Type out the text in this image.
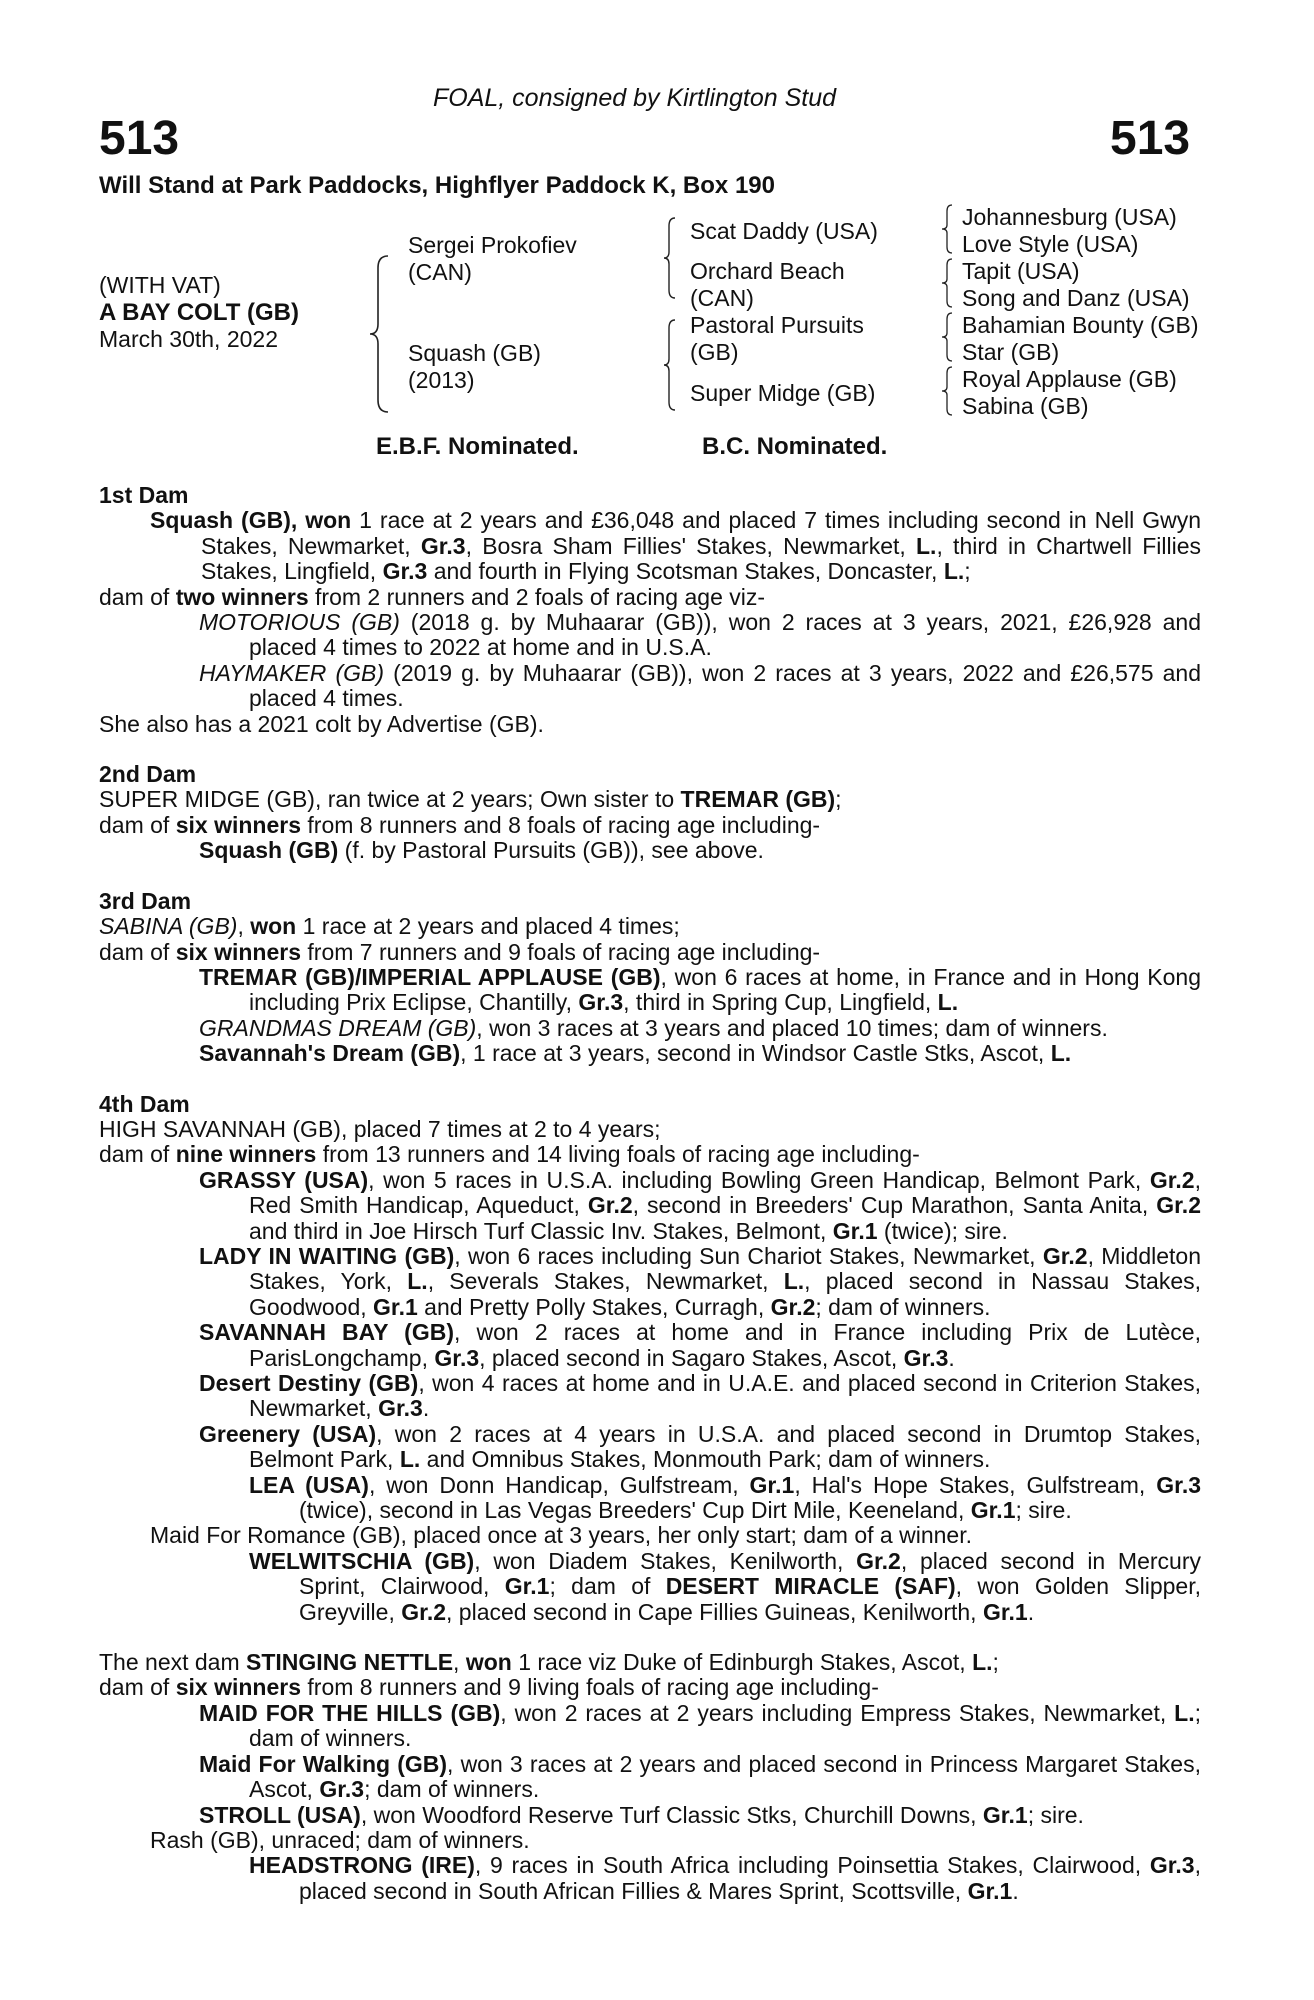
FOAL, consigned by Kirtlington Stud
513	513
Will Stand at Park Paddocks, Highflyer Paddock K, Box 190
(WITH VAT)
A BAY COLT (GB)
March 30th, 2022
Sergei Prokofiev
(CAN)
Squash (GB)
(2013)
Scat Daddy (USA)
Orchard Beach
(CAN)
Pastoral Pursuits
(GB)
Super Midge (GB)
Johannesburg (USA)
Love Style (USA)
Tapit (USA)
Song and Danz (USA)
Bahamian Bounty (GB)
Star (GB)
Royal Applause (GB)
Sabina (GB)
E.B.F. Nominated.	B.C. Nominated.

1st Dam

Squash (GB), won 1 race at 2 years and £36,048 and placed 7 times including second in Nell Gwyn Stakes, Newmarket, Gr.3, Bosra Sham Fillies' Stakes, Newmarket, L., third in Chartwell Fillies Stakes, Lingfield, Gr.3 and fourth in Flying Scotsman Stakes, Doncaster, L.;

dam of two winners from 2 runners and 2 foals of racing age viz-

MOTORIOUS (GB) (2018 g. by Muhaarar (GB)), won 2 races at 3 years, 2021, £26,928 and placed 4 times to 2022 at home and in U.S.A.

HAYMAKER (GB) (2019 g. by Muhaarar (GB)), won 2 races at 3 years, 2022 and £26,575 and placed 4 times.

She also has a 2021 colt by Advertise (GB).

2nd Dam

SUPER MIDGE (GB), ran twice at 2 years; Own sister to TREMAR (GB);

dam of six winners from 8 runners and 8 foals of racing age including-

Squash (GB) (f. by Pastoral Pursuits (GB)), see above.

3rd Dam

SABINA (GB), won 1 race at 2 years and placed 4 times;

dam of six winners from 7 runners and 9 foals of racing age including-

TREMAR (GB)/IMPERIAL APPLAUSE (GB), won 6 races at home, in France and in Hong Kong including Prix Eclipse, Chantilly, Gr.3, third in Spring Cup, Lingfield, L.

GRANDMAS DREAM (GB), won 3 races at 3 years and placed 10 times; dam of winners.

Savannah's Dream (GB), 1 race at 3 years, second in Windsor Castle Stks, Ascot, L.

4th Dam

HIGH SAVANNAH (GB), placed 7 times at 2 to 4 years;

dam of nine winners from 13 runners and 14 living foals of racing age including-

GRASSY (USA), won 5 races in U.S.A. including Bowling Green Handicap, Belmont Park, Gr.2, Red Smith Handicap, Aqueduct, Gr.2, second in Breeders' Cup Marathon, Santa Anita, Gr.2 and third in Joe Hirsch Turf Classic Inv. Stakes, Belmont, Gr.1 (twice); sire.

LADY IN WAITING (GB), won 6 races including Sun Chariot Stakes, Newmarket, Gr.2, Middleton Stakes, York, L., Severals Stakes, Newmarket, L., placed second in Nassau Stakes, Goodwood, Gr.1 and Pretty Polly Stakes, Curragh, Gr.2; dam of winners.

SAVANNAH BAY (GB), won 2 races at home and in France including Prix de Lutèce, ParisLongchamp, Gr.3, placed second in Sagaro Stakes, Ascot, Gr.3.

Desert Destiny (GB), won 4 races at home and in U.A.E. and placed second in Criterion Stakes, Newmarket, Gr.3.

Greenery (USA), won 2 races at 4 years in U.S.A. and placed second in Drumtop Stakes, Belmont Park, L. and Omnibus Stakes, Monmouth Park; dam of winners.

LEA (USA), won Donn Handicap, Gulfstream, Gr.1, Hal's Hope Stakes, Gulfstream, Gr.3 (twice), second in Las Vegas Breeders' Cup Dirt Mile, Keeneland, Gr.1; sire.

Maid For Romance (GB), placed once at 3 years, her only start; dam of a winner.

WELWITSCHIA (GB), won Diadem Stakes, Kenilworth, Gr.2, placed second in Mercury Sprint, Clairwood, Gr.1; dam of DESERT MIRACLE (SAF), won Golden Slipper, Greyville, Gr.2, placed second in Cape Fillies Guineas, Kenilworth, Gr.1.

The next dam STINGING NETTLE, won 1 race viz Duke of Edinburgh Stakes, Ascot, L.;

dam of six winners from 8 runners and 9 living foals of racing age including-

MAID FOR THE HILLS (GB), won 2 races at 2 years including Empress Stakes, Newmarket, L.; dam of winners.

Maid For Walking (GB), won 3 races at 2 years and placed second in Princess Margaret Stakes, Ascot, Gr.3; dam of winners.

STROLL (USA), won Woodford Reserve Turf Classic Stks, Churchill Downs, Gr.1; sire.

Rash (GB), unraced; dam of winners.

HEADSTRONG (IRE), 9 races in South Africa including Poinsettia Stakes, Clairwood, Gr.3, placed second in South African Fillies & Mares Sprint, Scottsville, Gr.1.
